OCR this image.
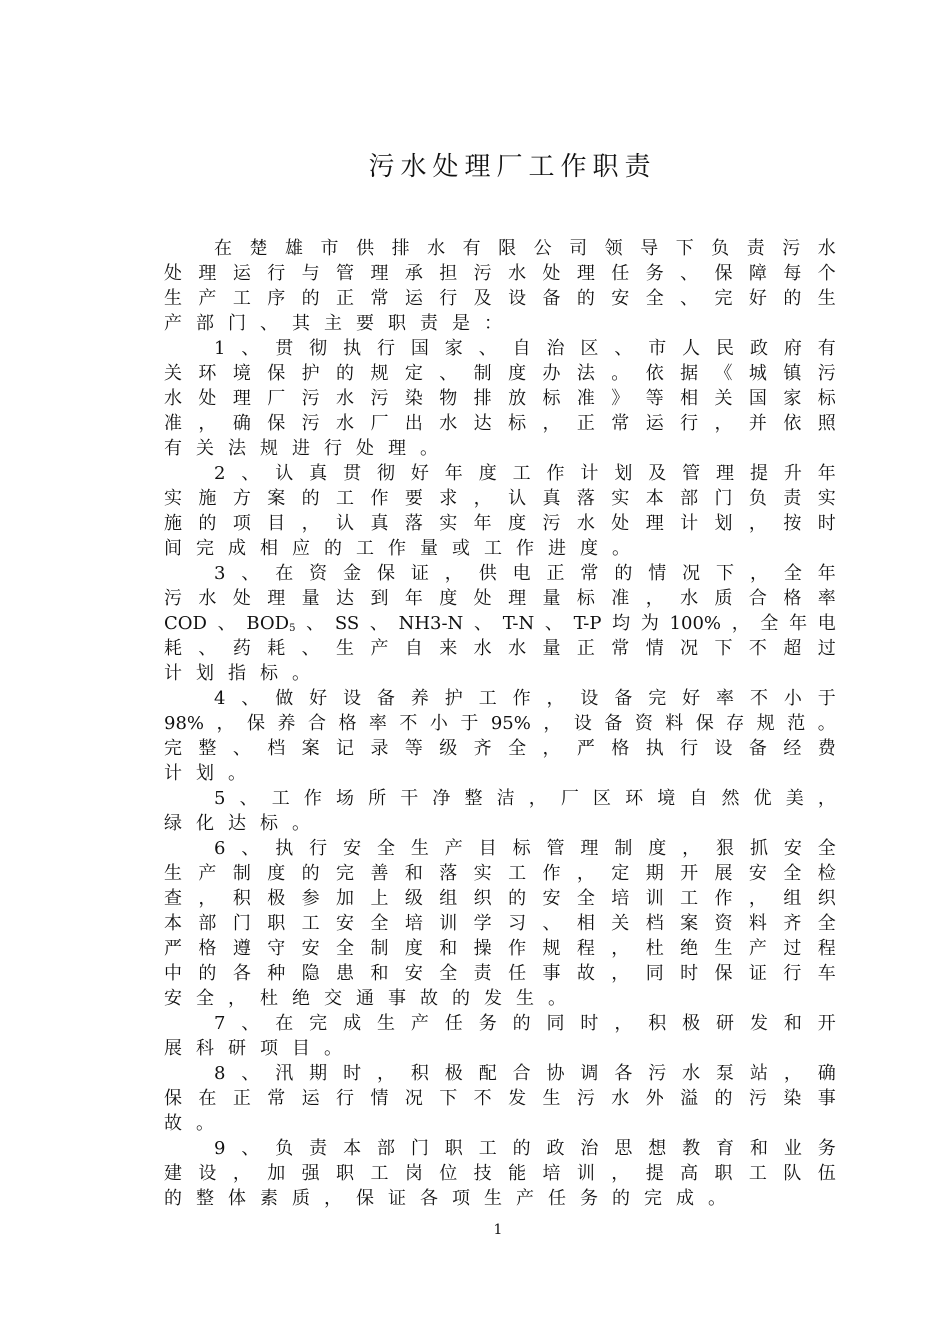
污水处理厂工作职责
在 楚 雄 市 供 排 水 有 限 公 司 领 导 下 负 责 污 水
处 理 运 行 与 管 理 承 担 污 水 处 理 任 务 、 保 障 每 个
生 产 工 序 的 正 常 运 行 及 设 备 的 安 全 、 完 好 的 生
产 部 门 、 其 主 要 职 责 是 ：
1 、 贯 彻 执 行 国 家 、 自 治 区 、 市 人 民 政 府 有
关 环 境 保 护 的 规 定 、 制 度 办 法 。 依 据 《 城 镇 污
水 处 理 厂 污 水 污 染 物 排 放 标 准 》 等 相 关 国 家 标
准 ， 确 保 污 水 厂 出 水 达 标 ， 正 常 运 行 ， 并 依 照
有 关 法 规 进 行 处 理 。
2 、 认 真 贯 彻 好 年 度 工 作 计 划 及 管 理 提 升 年
实 施 方 案 的 工 作 要 求 ， 认 真 落 实 本 部 门 负 责 实
施 的 项 目 ， 认 真 落 实 年 度 污 水 处 理 计 划 ， 按 时
间 完 成 相 应 的 工 作 量 或 工 作 进 度 。
3 、 在 资 金 保 证 ， 供 电 正 常 的 情 况 下 ， 全 年
污 水 处 理 量 达 到 年 度 处 理 量 标 准 ， 水 质 合 格 率
COD 、 BOD5 、 SS 、 NH3-N 、 T-N 、 T-P 均 为 100% ， 全 年 电
耗 、 药 耗 、 生 产 自 来 水 水 量 正 常 情 况 下 不 超 过
计 划 指 标 。
4 、 做 好 设 备 养 护 工 作 ， 设 备 完 好 率 不 小 于
98% ， 保 养 合 格 率 不 小 于 95% ， 设 备 资 料 保 存 规 范 。
完 整 、 档 案 记 录 等 级 齐 全 ， 严 格 执 行 设 备 经 费
计 划 。
5 、 工 作 场 所 干 净 整 洁 ， 厂 区 环 境 自 然 优 美 ，
绿 化 达 标 。
6 、 执 行 安 全 生 产 目 标 管 理 制 度 ， 狠 抓 安 全
生 产 制 度 的 完 善 和 落 实 工 作 ， 定 期 开 展 安 全 检
查 ， 积 极 参 加 上 级 组 织 的 安 全 培 训 工 作 ， 组 织
本 部 门 职 工 安 全 培 训 学 习 、 相 关 档 案 资 料 齐 全
严 格 遵 守 安 全 制 度 和 操 作 规 程 ， 杜 绝 生 产 过 程
中 的 各 种 隐 患 和 安 全 责 任 事 故 ， 同 时 保 证 行 车
安 全 ， 杜 绝 交 通 事 故 的 发 生 。
7 、 在 完 成 生 产 任 务 的 同 时 ， 积 极 研 发 和 开
展 科 研 项 目 。
8 、 汛 期 时 ， 积 极 配 合 协 调 各 污 水 泵 站 ， 确
保 在 正 常 运 行 情 况 下 不 发 生 污 水 外 溢 的 污 染 事
故 。
9 、 负 责 本 部 门 职 工 的 政 治 思 想 教 育 和 业 务
建 设 ， 加 强 职 工 岗 位 技 能 培 训 ， 提 高 职 工 队 伍
的 整 体 素 质 ， 保 证 各 项 生 产 任 务 的 完 成 。
1
